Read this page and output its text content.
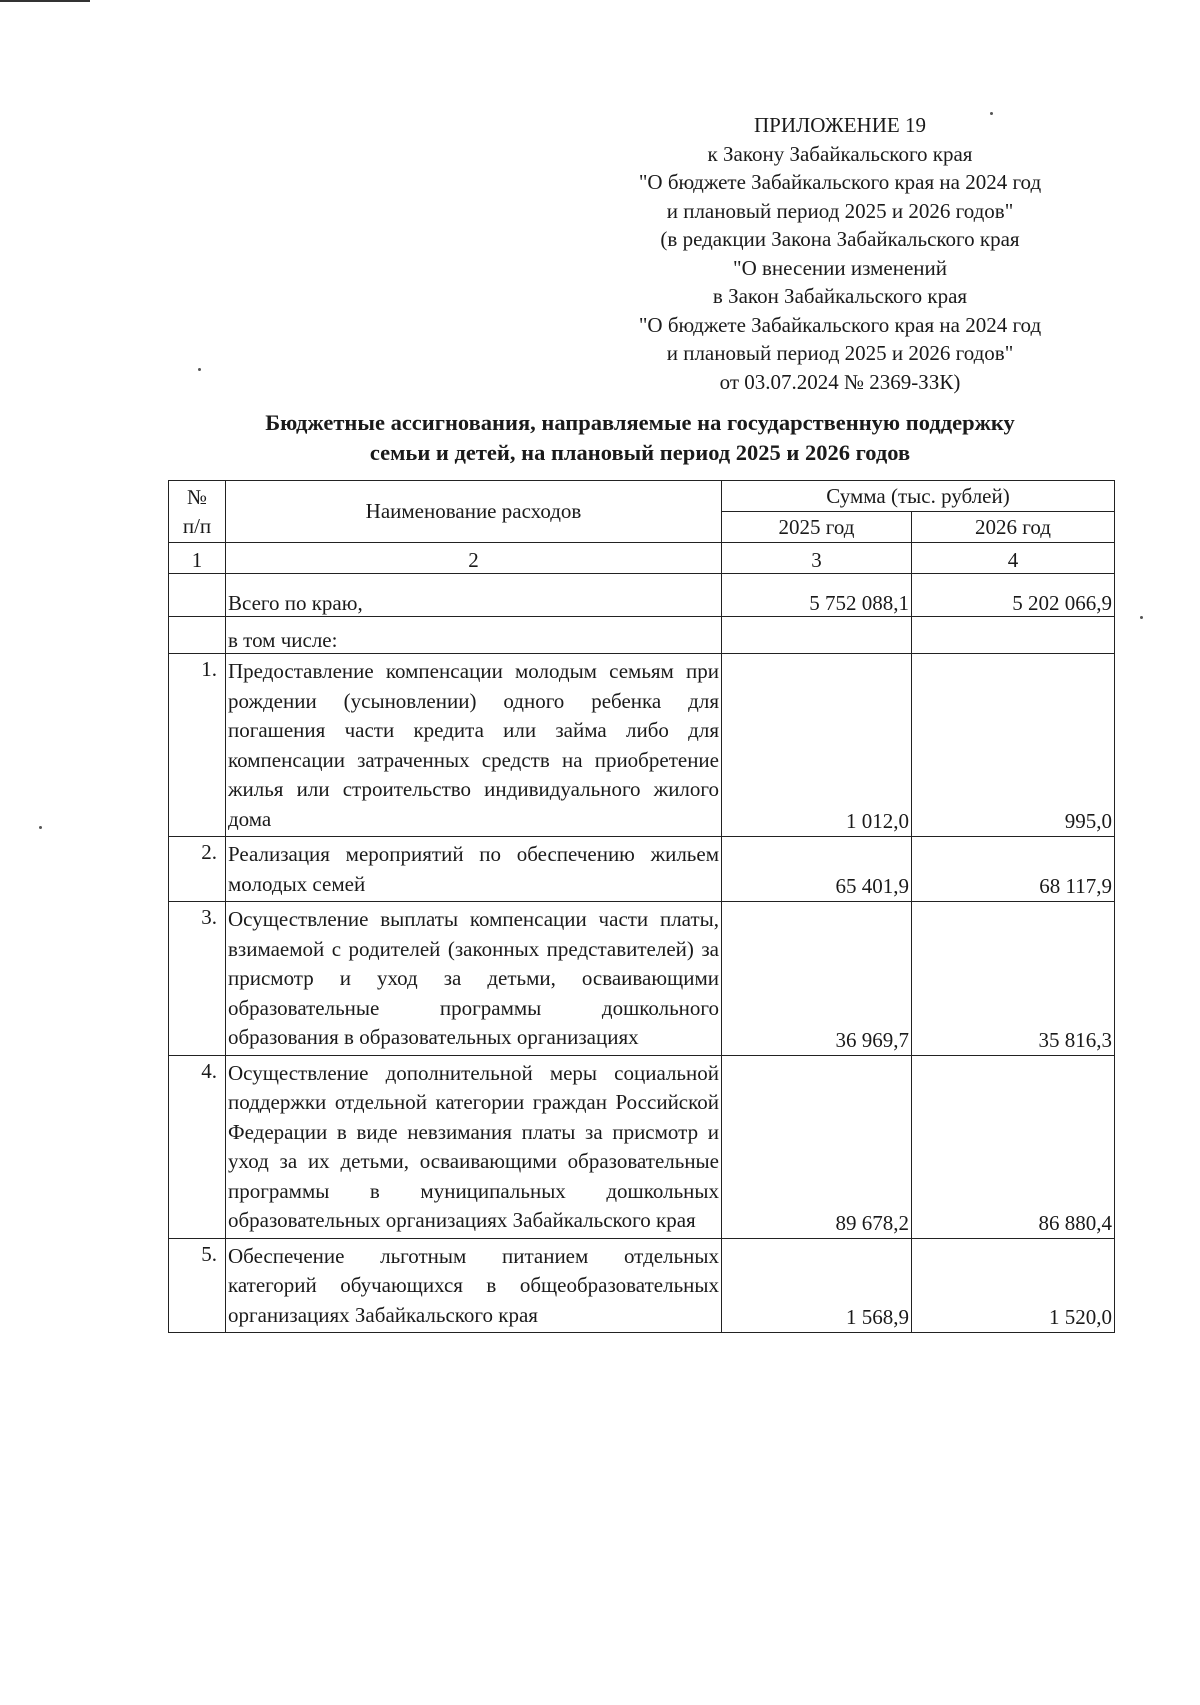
ПРИЛОЖЕНИЕ 19
к Закону Забайкальского края
"О бюджете Забайкальского края на 2024 год
и плановый период 2025 и 2026 годов"
(в редакции Закона Забайкальского края
"О внесении изменений
в Закон Забайкальского края
"О бюджете Забайкальского края на 2024 год
и плановый период 2025 и 2026 годов"
от 03.07.2024 № 2369-ЗЗК)
Бюджетные ассигнования, направляемые на государственную поддержку
семьи и детей, на плановый период 2025 и 2026 годов
№
п/п	Наименование расходов	Сумма (тыс. рублей)	
		2025 год	2026 год
1	2	3	4
	Всего по краю,	5 752 088,1	5 202 066,9
	в том числе:		
1.	Предоставление компенсации молодым семьям при рождении (усыновлении) одного ребенка для погашения части кредита или займа либо для компенсации затраченных средств на приобретение жилья или строительство индивидуального жилого дома	1 012,0	995,0
2.	Реализация мероприятий по обеспечению жильем молодых семей	65 401,9	68 117,9
3.	Осуществление выплаты компенсации части платы, взимаемой с родителей (законных представителей) за присмотр и уход за детьми, осваивающими образовательные программы дошкольного образования в образовательных организациях	36 969,7	35 816,3
4.	Осуществление дополнительной меры социальной поддержки отдельной категории граждан Российской Федерации в виде невзимания платы за присмотр и уход за их детьми, осваивающими образовательные программы в муниципальных дошкольных образовательных организациях Забайкальского края	89 678,2	86 880,4
5.	Обеспечение льготным питанием отдельных категорий обучающихся в общеобразовательных организациях Забайкальского края	1 568,9	1 520,0
